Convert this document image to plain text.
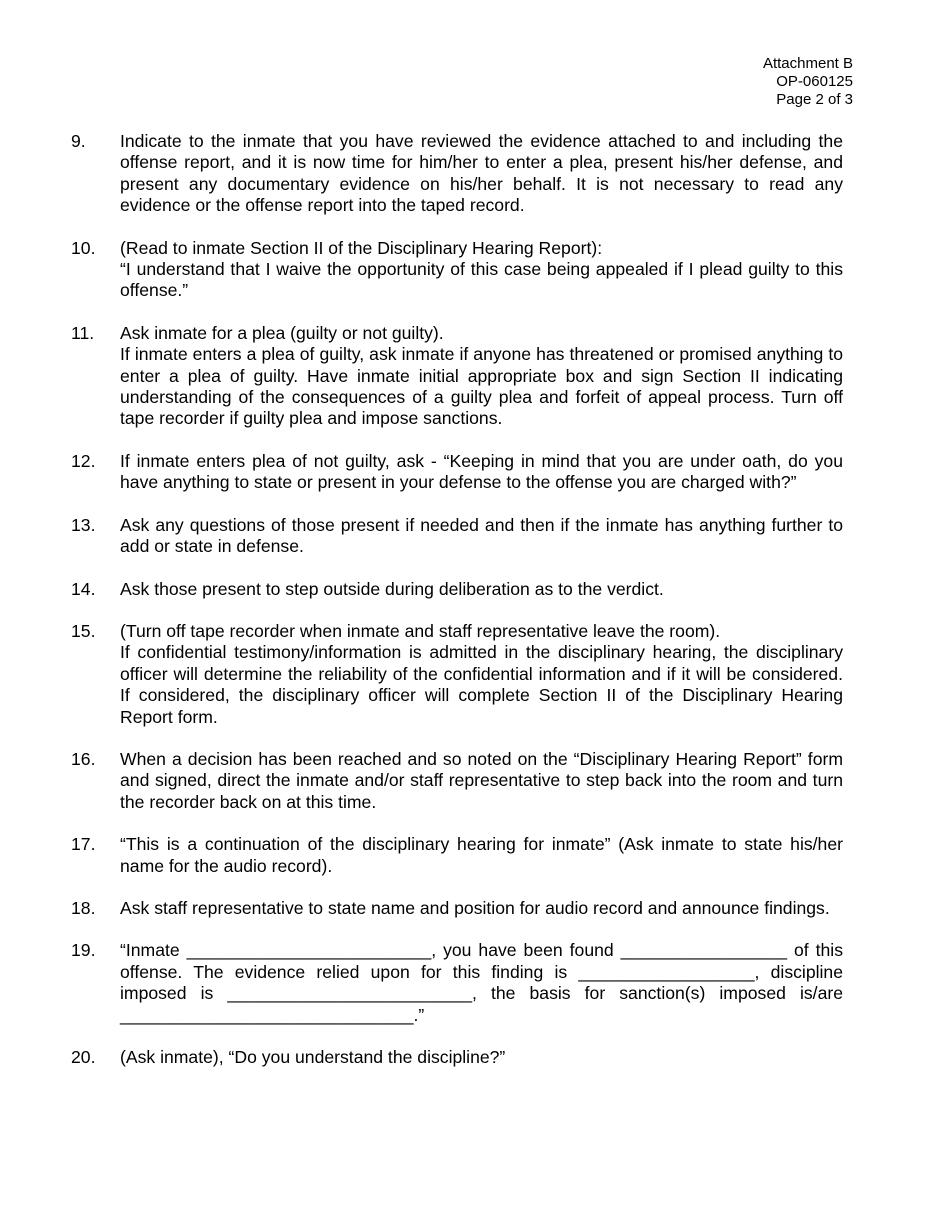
Attachment B
OP-060125
Page 2 of 3
9.	Indicate to the inmate that you have reviewed the evidence attached to and including the offense report, and it is now time for him/her to enter a plea, present his/her defense, and present any documentary evidence on his/her behalf. It is not necessary to read any evidence or the offense report into the taped record.
10.	(Read to inmate Section II of the Disciplinary Hearing Report):
“I understand that I waive the opportunity of this case being appealed if I plead guilty to this offense.”
11.	Ask inmate for a plea (guilty or not guilty).
If inmate enters a plea of guilty, ask inmate if anyone has threatened or promised anything to enter a plea of guilty. Have inmate initial appropriate box and sign Section II indicating understanding of the consequences of a guilty plea and forfeit of appeal process. Turn off tape recorder if guilty plea and impose sanctions.
12.	If inmate enters plea of not guilty, ask - “Keeping in mind that you are under oath, do you have anything to state or present in your defense to the offense you are charged with?”
13.	Ask any questions of those present if needed and then if the inmate has anything further to add or state in defense.
14.	Ask those present to step outside during deliberation as to the verdict.
15.	(Turn off tape recorder when inmate and staff representative leave the room).
If confidential testimony/information is admitted in the disciplinary hearing, the disciplinary officer will determine the reliability of the confidential information and if it will be considered. If considered, the disciplinary officer will complete Section II of the Disciplinary Hearing Report form.
16.	When a decision has been reached and so noted on the “Disciplinary Hearing Report” form and signed, direct the inmate and/or staff representative to step back into the room and turn the recorder back on at this time.
17.	“This is a continuation of the disciplinary hearing for inmate” (Ask inmate to state his/her name for the audio record).
18.	Ask staff representative to state name and position for audio record and announce findings.
19.	“Inmate _________________________, you have been found _________________ of this offense. The evidence relied upon for this finding is __________________, discipline imposed is _________________________, the basis for sanction(s) imposed is/are ______________________________.”
20.	(Ask inmate), “Do you understand the discipline?”
